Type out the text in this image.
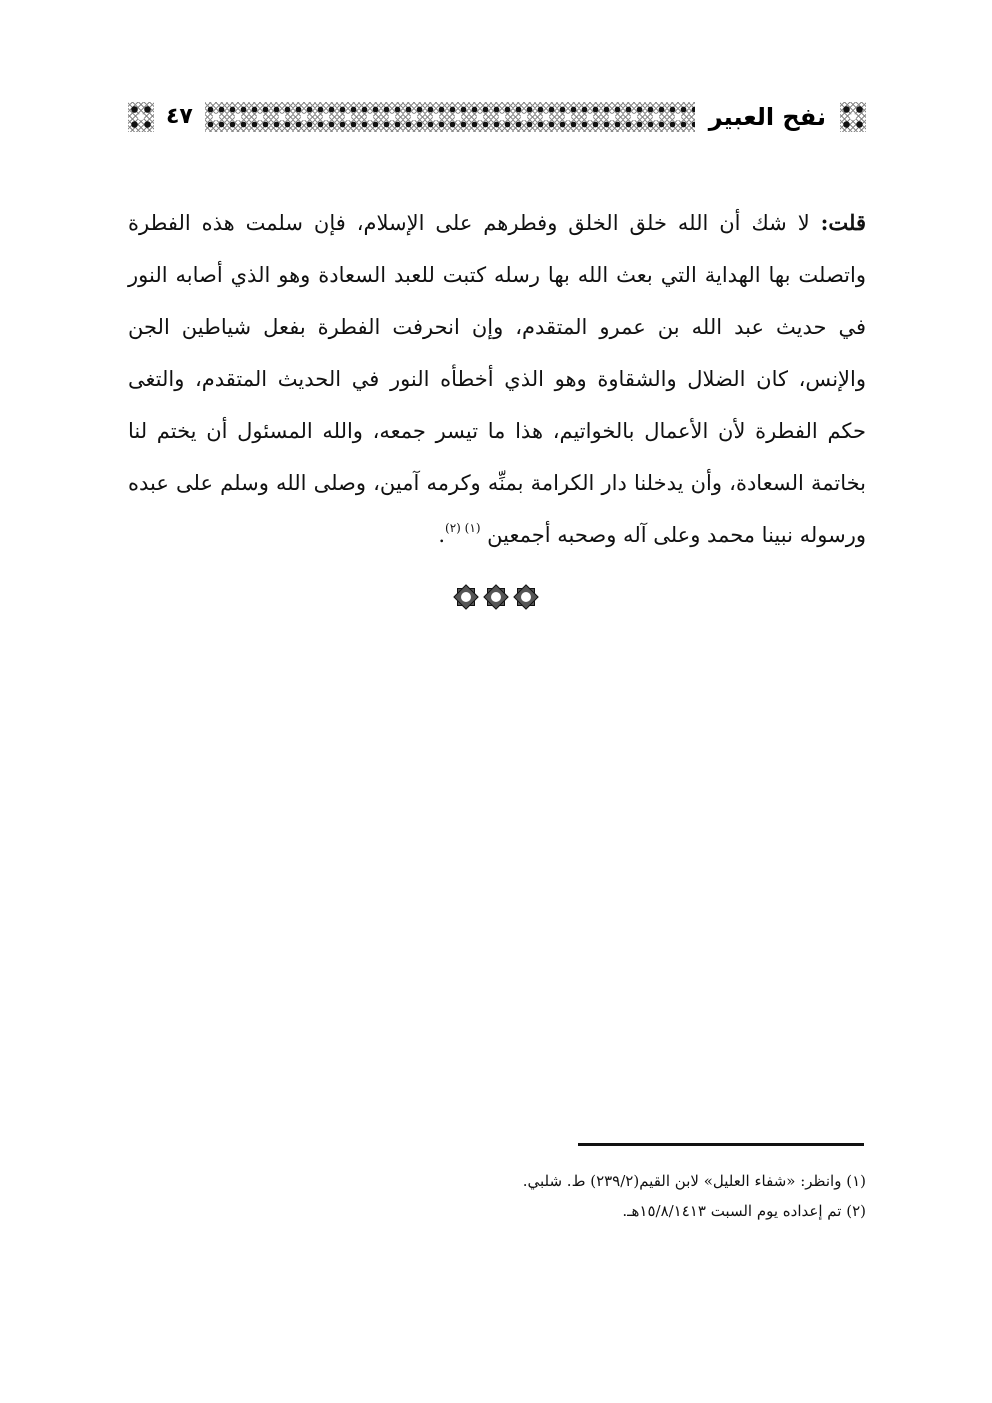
نفح العبير
٤٧

قلت: لا شك أن الله خلق الخلق وفطرهم على الإسلام، فإن سلمت هذه الفطرة واتصلت بها الهداية التي بعث الله بها رسله كتبت للعبد السعادة وهو الذي أصابه النور في حديث عبد الله بن عمرو المتقدم، وإن انحرفت الفطرة بفعل شياطين الجن والإنس، كان الضلال والشقاوة وهو الذي أخطأه النور في الحديث المتقدم، والتغى حكم الفطرة لأن الأعمال بالخواتيم، هذا ما تيسر جمعه، والله المسئول أن يختم لنا بخاتمة السعادة، وأن يدخلنا دار الكرامة بمنِّه وكرمه آمين، وصلى الله وسلم على عبده ورسوله نبينا محمد وعلى آله وصحبه أجمعين $^{(١) (٢)}$.

(١) وانظر: «شفاء العليل» لابن القيم(٢٣٩/٢) ط. شلبي.
(٢) تم إعداده يوم السبت ١٥/٨/١٤١٣هـ.
